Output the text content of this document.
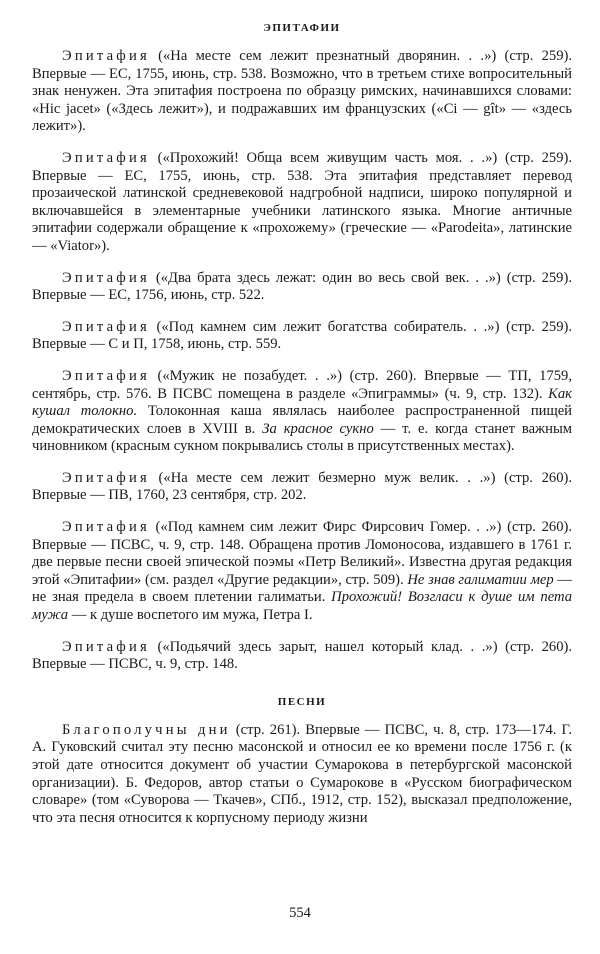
ЭПИТАФИИ

Эпитафия («На месте сем лежит презнатный дворянин. . .») (стр. 259). Впервые — ЕС, 1755, июнь, стр. 538. Возможно, что в третьем стихе вопросительный знак ненужен. Эта эпитафия построена по образцу римских, начинавшихся словами: «Hic jacet» («Здесь лежит»), и подражавших им французских («Ci — gît» — «здесь лежит»).

Эпитафия («Прохожий! Обща всем живущим часть моя. . .») (стр. 259). Впервые — ЕС, 1755, июнь, стр. 538. Эта эпитафия представляет перевод прозаической латинской средневековой надгробной надписи, широко популярной и включавшейся в элементарные учебники латинского языка. Многие античные эпитафии содержали обращение к «прохожему» (греческие — «Parodeita», латинские — «Viator»).

Эпитафия («Два брата здесь лежат: один во весь свой век. . .») (стр. 259). Впервые — ЕС, 1756, июнь, стр. 522.

Эпитафия («Под камнем сим лежит богатства собиратель. . .») (стр. 259). Впервые — С и П, 1758, июнь, стр. 559.

Эпитафия («Мужик не позабудет. . .») (стр. 260). Впервые — ТП, 1759, сентябрь, стр. 576. В ПСВС помещена в разделе «Эпиграммы» (ч. 9, стр. 132). Как кушал толокно. Толоконная каша являлась наиболее распространенной пищей демократических слоев в XVIII в. За красное сукно — т. е. когда станет важным чиновником (красным сукном покрывались столы в присутственных местах).

Эпитафия («На месте сем лежит безмерно муж велик. . .») (стр. 260). Впервые — ПВ, 1760, 23 сентября, стр. 202.

Эпитафия («Под камнем сим лежит Фирс Фирсович Гомер. . .») (стр. 260). Впервые — ПСВС, ч. 9, стр. 148. Обращена против Ломоносова, издавшего в 1761 г. две первые песни своей эпической поэмы «Петр Великий». Известна другая редакция этой «Эпитафии» (см. раздел «Другие редакции», стр. 509). Не знав галиматии мер — не зная предела в своем плетении галиматьи. Прохожий! Возгласи к душе им пета мужа — к душе воспетого им мужа, Петра I.

Эпитафия («Подьячий здесь зарыт, нашел который клад. . .») (стр. 260). Впервые — ПСВС, ч. 9, стр. 148.

ПЕСНИ

Благополучны дни (стр. 261). Впервые — ПСВС, ч. 8, стр. 173—174. Г. А. Гуковский считал эту песню масонской и относил ее ко времени после 1756 г. (к этой дате относится документ об участии Сумарокова в петербургской масонской организации). Б. Федоров, автор статьи о Сумарокове в «Русском биографическом словаре» (том «Суворова — Ткачев», СПб., 1912, стр. 152), высказал предположение, что эта песня относится к корпусному периоду жизни

554
